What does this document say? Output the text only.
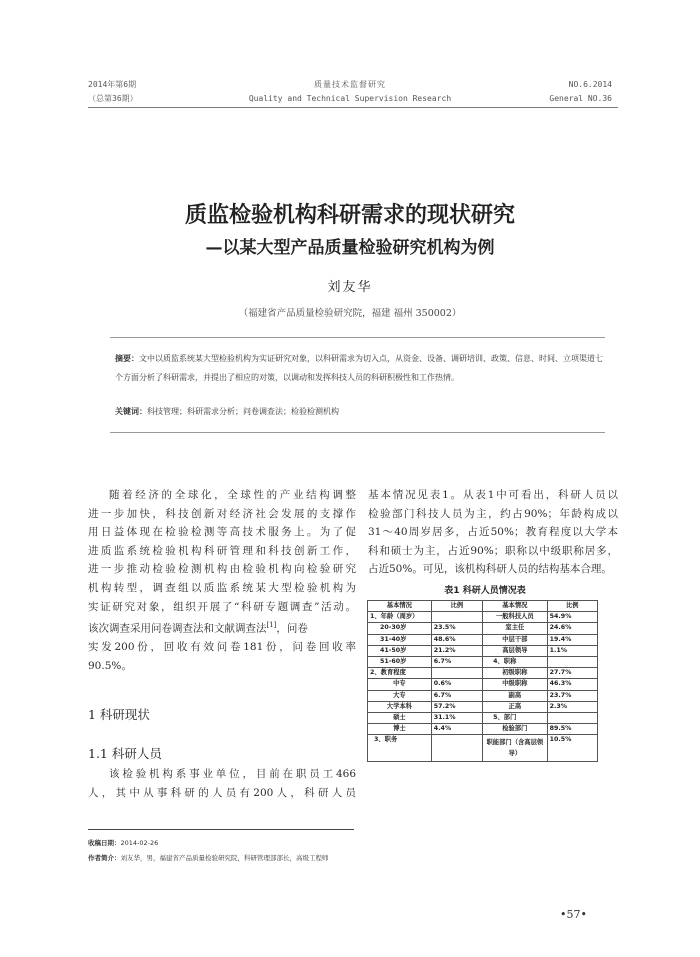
2014年第6期
（总第36期）
质量技术监督研究
Quality and Technical Supervision Research
NO.6.2014
General NO.36
质监检验机构科研需求的现状研究
—以某大型产品质量检验研究机构为例
刘友华
（福建省产品质量检验研究院，福建 福州 350002）
摘要：文中以质监系统某大型检验机构为实证研究对象，以科研需求为切入点，从资金、设备、调研培训、政策、信息、时间、立项渠道七个方面分析了科研需求，并提出了相应的对策，以调动和发挥科技人员的科研积极性和工作热情。
关键词：科技管理；科研需求分析；问卷调查法；检验检测机构
随着经济的全球化，全球性的产业结构调整
进一步加快，科技创新对经济社会发展的支撑作
用日益体现在检验检测等高技术服务上。为了促
进质监系统检验机构科研管理和科技创新工作，
进一步推动检验检测机构由检验机构向检验研究
机构转型，调查组以质监系统某大型检验机构为
实证研究对象，组织开展了“科研专题调查”活动。
该次调查采用问卷调查法和文献调查法[1]，问卷
实发200份，回收有效问卷181份，问卷回收率
90.5%。
1 科研现状
1.1 科研人员
该检验机构系事业单位，目前在职员工466
人，其中从事科研的人员有200人，科研人员
基本情况见表1。从表1中可看出，科研人员以
检验部门科技人员为主，约占90%；年龄构成以
31～40周岁居多，占近50%；教育程度以大学本
科和硕士为主，占近90%；职称以中级职称居多，
占近50%。可见，该机构科研人员的结构基本合理。
表1 科研人员情况表
基本情况	比例	基本情况	比例
1、年龄（周岁）		一般科技人员	54.9%
20-30岁	23.5%	室主任	24.6%
31-40岁	48.6%	中层干部	19.4%
41-50岁	21.2%	高层领导	1.1%
51-60岁	6.7%	4、职称	
2、教育程度		初级职称	27.7%
中专	0.6%	中级职称	46.3%
大专	6.7%	副高	23.7%
大学本科	57.2%	正高	2.3%
硕士	31.1%	5、部门	
博士	4.4%	检验部门	89.5%
3、职务		职能部门（含高层领导）	10.5%
收稿日期：2014-02-26
作者简介：刘友华，男，福建省产品质量检验研究院，科研管理部部长，高级工程师
•57•
